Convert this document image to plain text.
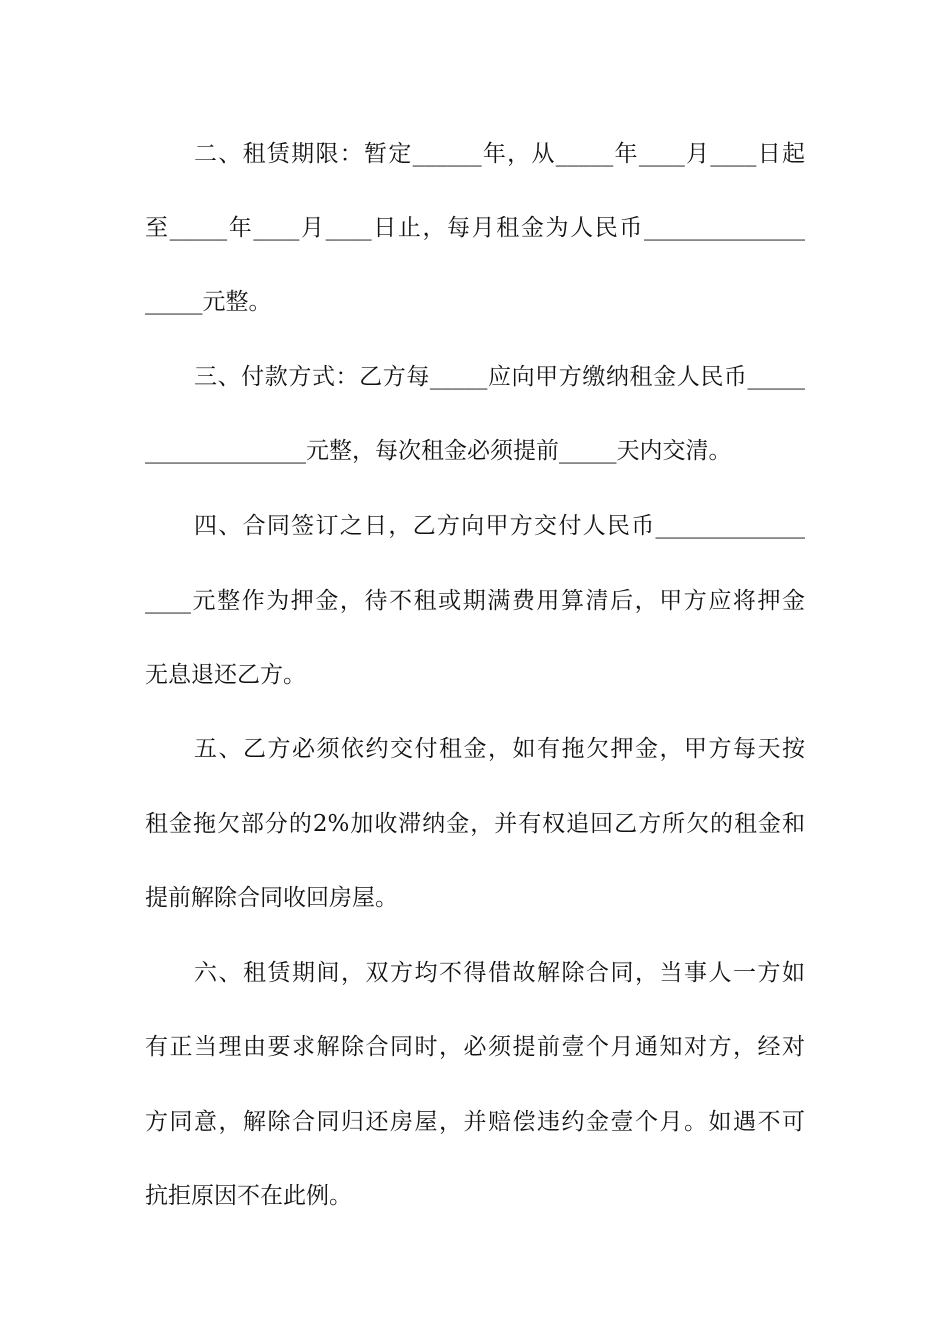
二、租赁期限：暂定______年，从_____年____月____日起
至_____年____月____日止，每月租金为人民币______________
_____元整。
三、付款方式：乙方每_____应向甲方缴纳租金人民币_____
______________元整，每次租金必须提前_____天内交清。
四、合同签订之日，乙方向甲方交付人民币_____________
____元整作为押金，待不租或期满费用算清后，甲方应将押金
无息退还乙方。
五、乙方必须依约交付租金，如有拖欠押金，甲方每天按
租金拖欠部分的2%加收滞纳金，并有权追回乙方所欠的租金和
提前解除合同收回房屋。
六、租赁期间，双方均不得借故解除合同，当事人一方如
有正当理由要求解除合同时，必须提前壹个月通知对方，经对
方同意，解除合同归还房屋，并赔偿违约金壹个月。如遇不可
抗拒原因不在此例。
